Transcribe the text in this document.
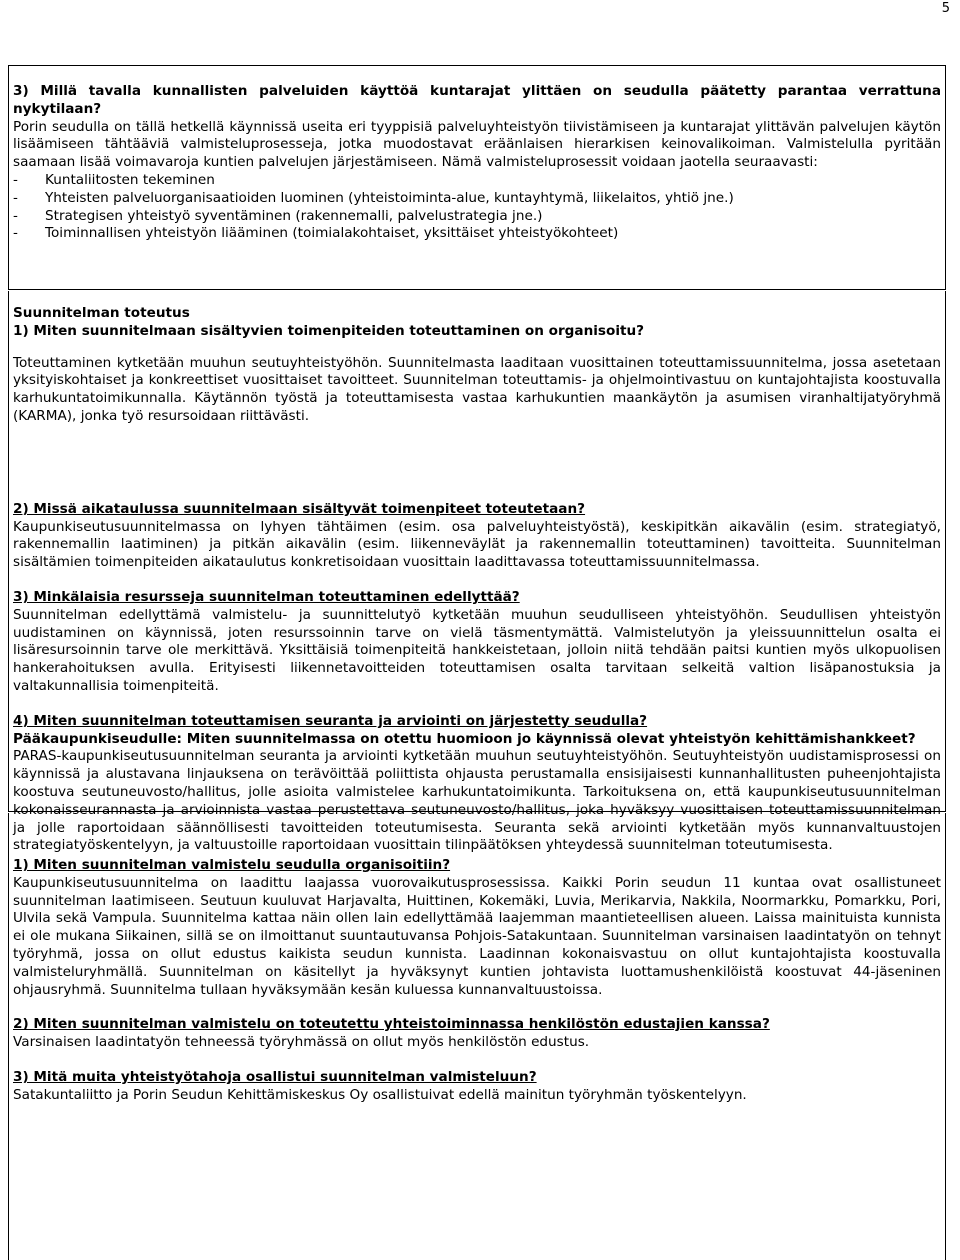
5

3) Millä tavalla kunnallisten palveluiden käyttöä kuntarajat ylittäen on seudulla päätetty parantaa verrattuna nykytilaan?

Porin seudulla on tällä hetkellä käynnissä useita eri tyyppisiä palveluyhteistyön tiivistämiseen ja kuntarajat ylittävän palvelujen käytön lisäämiseen tähtääviä valmisteluprosesseja, jotka muodostavat eräänlaisen hierarkisen keinovalikoiman. Valmistelulla pyritään saamaan lisää voimavaroja kuntien palvelujen järjestämiseen. Nämä valmisteluprosessit voidaan jaotella seuraavasti:

-	Kuntaliitosten tekeminen
-	Yhteisten palveluorganisaatioiden luominen (yhteistoiminta-alue, kuntayhtymä, liikelaitos, yhtiö jne.)
-	Strategisen yhteistyö syventäminen (rakennemalli, palvelustrategia jne.)
-	Toiminnallisen yhteistyön liääminen (toimialakohtaiset, yksittäiset yhteistyökohteet)

Suunnitelman toteutus

1) Miten suunnitelmaan sisältyvien toimenpiteiden toteuttaminen on organisoitu?

Toteuttaminen kytketään muuhun seutuyhteistyöhön. Suunnitelmasta laaditaan vuosittainen toteuttamissuunnitelma, jossa asetetaan yksityiskohtaiset ja konkreettiset vuosittaiset tavoitteet. Suunnitelman toteuttamis- ja ohjelmointivastuu on kuntajohtajista koostuvalla karhukuntatoimikunnalla. Käytännön työstä ja toteuttamisesta vastaa karhukuntien maankäytön ja asumisen viranhaltijatyöryhmä (KARMA), jonka työ resursoidaan riittävästi.

2) Missä aikataulussa suunnitelmaan sisältyvät toimenpiteet toteutetaan?

Kaupunkiseutusuunnitelmassa on lyhyen tähtäimen (esim. osa palveluyhteistyöstä), keskipitkän aikavälin (esim. strategiatyö, rakennemallin laatiminen) ja pitkän aikavälin (esim. liikenneväylät ja rakennemallin toteuttaminen) tavoitteita. Suunnitelman sisältämien toimenpiteiden aikataulutus konkretisoidaan vuosittain laadittavassa toteuttamissuunnitelmassa.

3) Minkälaisia resursseja suunnitelman toteuttaminen edellyttää?

Suunnitelman edellyttämä valmistelu- ja suunnittelutyö kytketään muuhun seudulliseen yhteistyöhön. Seudullisen yhteistyön uudistaminen on käynnissä, joten resurssoinnin tarve on vielä täsmentymättä. Valmistelutyön ja yleissuunnittelun osalta ei lisäresursoinnin tarve ole merkittävä. Yksittäisiä toimenpiteitä hankkeistetaan, jolloin niitä tehdään paitsi kuntien myös ulkopuolisen hankerahoituksen avulla. Erityisesti liikennetavoitteiden toteuttamisen osalta tarvitaan selkeitä valtion lisäpanostuksia ja valtakunnallisia toimenpiteitä.

4) Miten suunnitelman toteuttamisen seuranta ja arviointi on järjestetty seudulla?

Pääkaupunkiseudulle: Miten suunnitelmassa on otettu huomioon jo käynnissä olevat yhteistyön kehittämishankkeet?

PARAS-kaupunkiseutusuunnitelman seuranta ja arviointi kytketään muuhun seutuyhteistyöhön. Seutuyhteistyön uudistamisprosessi on käynnissä ja alustavana linjauksena on terävöittää poliittista ohjausta perustamalla ensisijaisesti kunnanhallitusten puheenjohtajista koostuva seutuneuvosto/hallitus, jolle asioita valmistelee karhukuntatoimikunta. Tarkoituksena on, että kaupunkiseutusuunnitelman kokonaisseurannasta ja arvioinnista vastaa perustettava seutuneuvosto/hallitus, joka hyväksyy vuosittaisen toteuttamissuunnitelman ja jolle raportoidaan säännöllisesti tavoitteiden toteutumisesta. Seuranta sekä arviointi kytketään myös kunnanvaltuustojen strategiatyöskentelyyn, ja valtuustoille raportoidaan vuosittain tilinpäätöksen yhteydessä suunnitelman toteutumisesta.

1) Miten suunnitelman valmistelu seudulla organisoitiin?

Kaupunkiseutusuunnitelma on laadittu laajassa vuorovaikutusprosessissa. Kaikki Porin seudun 11 kuntaa ovat osallistuneet suunnitelman laatimiseen. Seutuun kuuluvat Harjavalta, Huittinen, Kokemäki, Luvia, Merikarvia, Nakkila, Noormarkku, Pomarkku, Pori, Ulvila sekä Vampula. Suunnitelma kattaa näin ollen lain edellyttämää laajemman maantieteellisen alueen. Laissa mainituista kunnista ei ole mukana Siikainen, sillä se on ilmoittanut suuntautuvansa Pohjois-Satakuntaan. Suunnitelman varsinaisen laadintatyön on tehnyt työryhmä, jossa on ollut edustus kaikista seudun kunnista. Laadinnan kokonaisvastuu on ollut kuntajohtajista koostuvalla valmisteluryhmällä. Suunnitelman on käsitellyt ja hyväksynyt kuntien johtavista luottamushenkilöistä koostuvat 44-jäseninen ohjausryhmä. Suunnitelma tullaan hyväksymään kesän kuluessa kunnanvaltuustoissa.

2) Miten suunnitelman valmistelu on toteutettu yhteistoiminnassa henkilöstön edustajien kanssa?

Varsinaisen laadintatyön tehneessä työryhmässä on ollut myös henkilöstön edustus.

3) Mitä muita yhteistyötahoja osallistui suunnitelman valmisteluun?

Satakuntaliitto ja Porin Seudun Kehittämiskeskus Oy osallistuivat edellä mainitun työryhmän työskentelyyn.
